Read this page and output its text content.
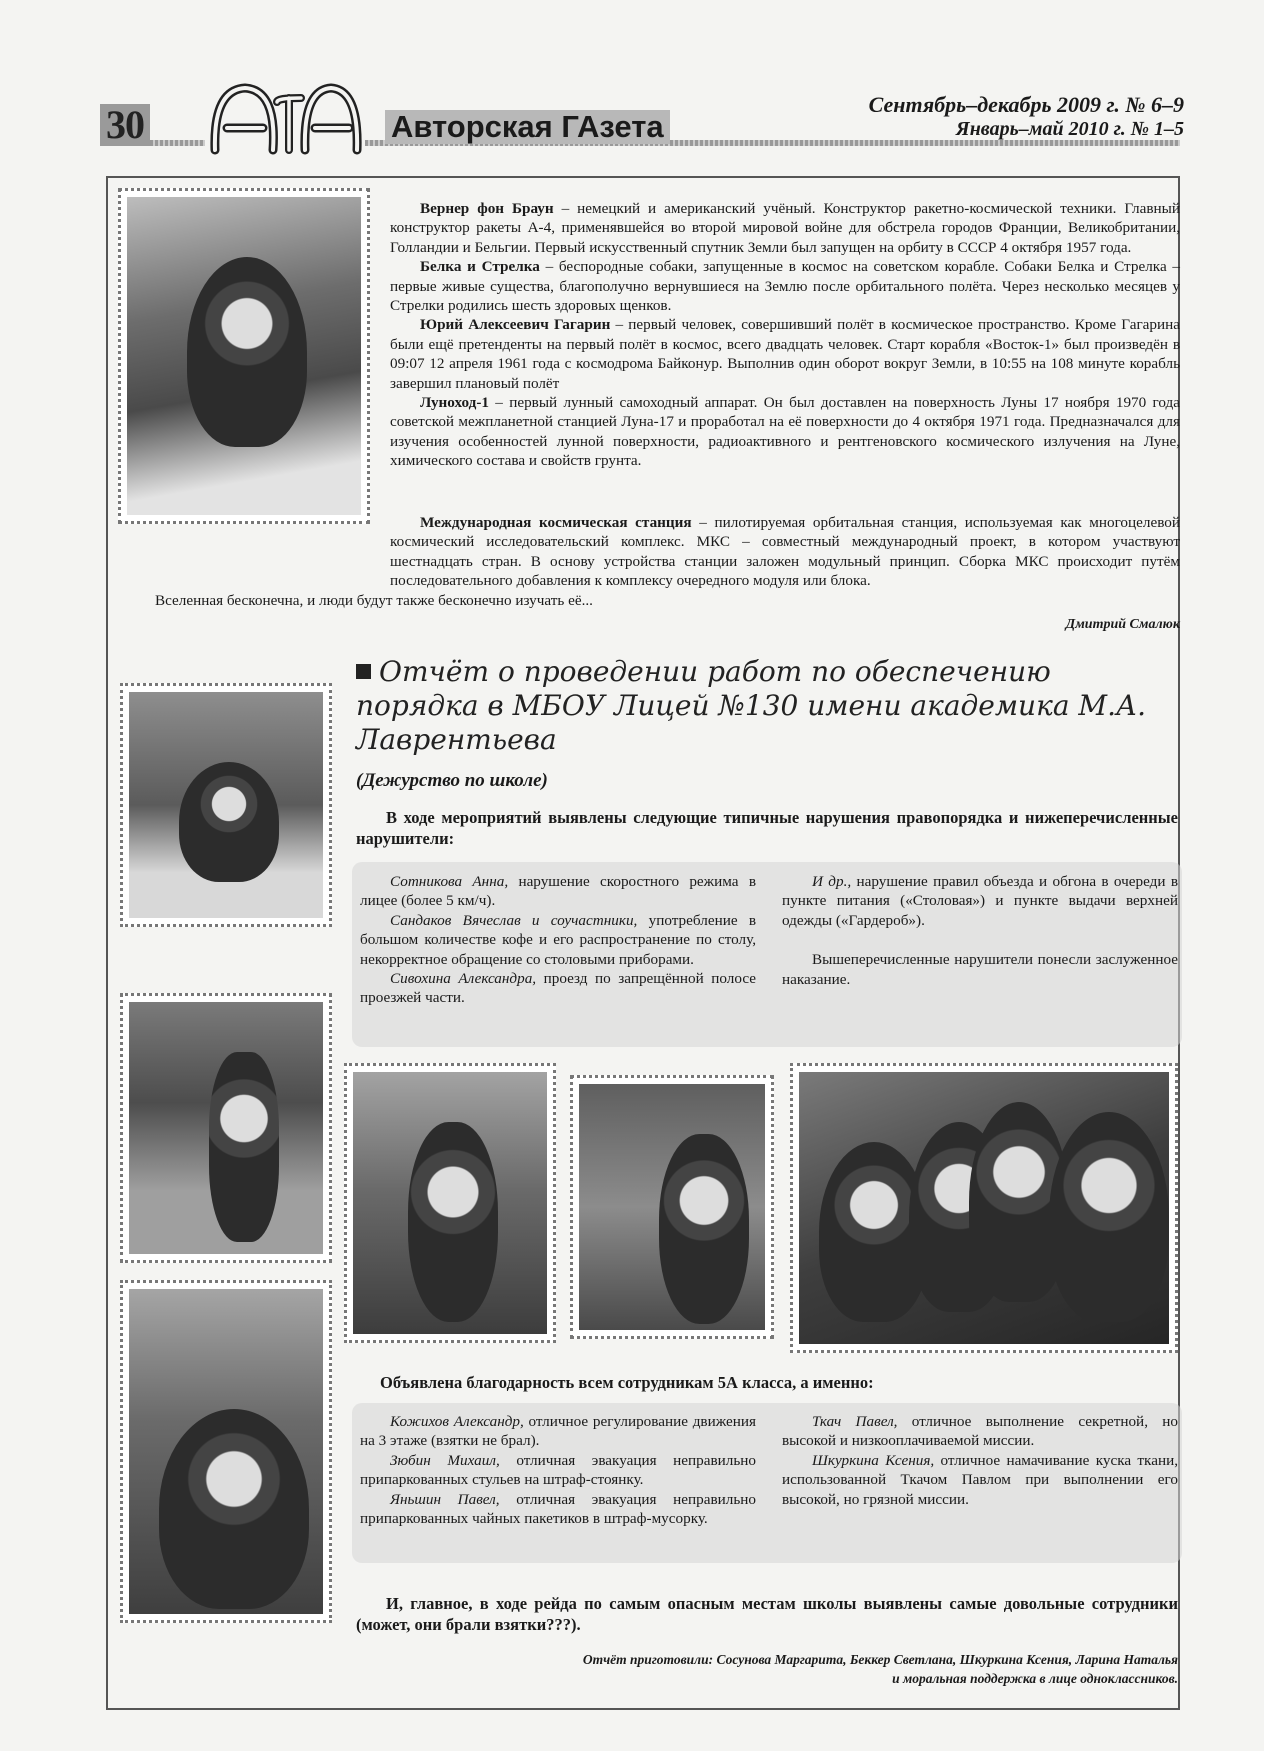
30	Авторская ГАзета
Сентябрь–декабрь 2009 г. № 6–9
Январь–май 2010 г. № 1–5

Вернер фон Браун – немецкий и американский учёный. Конструктор ракетно-космической техники. Главный конструктор ракеты А-4, применявшейся во второй мировой войне для обстрела городов Франции, Великобритании, Голландии и Бельгии. Первый искусственный спутник Земли был запущен на орбиту в СССР 4 октября 1957 года.

Белка и Стрелка – беспородные собаки, запущенные в космос на советском корабле. Собаки Белка и Стрелка – первые живые существа, благополучно вернувшиеся на Землю после орбитального полёта. Через несколько месяцев у Стрелки родились шесть здоровых щенков.

Юрий Алексеевич Гагарин – первый человек, совершивший полёт в космическое пространство. Кроме Гагарина были ещё претенденты на первый полёт в космос, всего двадцать человек. Старт корабля «Восток-1» был произведён в 09:07 12 апреля 1961 года с космодрома Байконур. Выполнив один оборот вокруг Земли, в 10:55 на 108 минуте корабль завершил плановый полёт

Луноход-1 – первый лунный самоходный аппарат. Он был доставлен на поверхность Луны 17 ноября 1970 года советской межпланетной станцией Луна-17 и проработал на её поверхности до 4 октября 1971 года. Предназначался для изучения особенностей лунной поверхности, радиоактивного и рентгеновского космического излучения на Луне, химического состава и свойств грунта.

Международная космическая станция – пилотируемая орбитальная станция, используемая как многоцелевой космический исследовательский комплекс. МКС – совместный международный проект, в котором участвуют шестнадцать стран. В основу устройства станции заложен модульный принцип. Сборка МКС происходит путём последовательного добавления к комплексу очередного модуля или блока.

Вселенная бесконечна, и люди будут также бесконечно изучать её...

Дмитрий Смалюк
Отчёт о проведении работ по обеспечению порядка в МБОУ Лицей №130 имени академика М.А. Лаврентьева
(Дежурство по школе)
В ходе мероприятий выявлены следующие типичные нарушения правопорядка и нижеперечисленные нарушители:

Сотникова Анна, нарушение скоростного режима в лицее (более 5 км/ч).

Сандаков Вячеслав и соучастники, употребление в большом количестве кофе и его распространение по столу, некорректное обращение со столовыми приборами.

Сивохина Александра, проезд по запрещённой полосе проезжей части.

И др., нарушение правил объезда и обгона в очереди в пункте питания («Столовая») и пункте выдачи верхней одежды («Гардероб»).

Вышеперечисленные нарушители понесли заслуженное наказание.

Объявлена благодарность всем сотрудникам 5А класса, а именно:

Кожихов Александр, отличное регулирование движения на 3 этаже (взятки не брал).

Зюбин Михаил, отличная эвакуация неправильно припаркованных стульев на штраф-стоянку.

Яньшин Павел, отличная эвакуация неправильно припаркованных чайных пакетиков в штраф-мусорку.

Ткач Павел, отличное выполнение секретной, но высокой и низкооплачиваемой миссии.

Шкуркина Ксения, отличное намачивание куска ткани, использованной Ткачом Павлом при выполнении его высокой, но грязной миссии.

И, главное, в ходе рейда по самым опасным местам школы выявлены самые довольные сотрудники (может, они брали взятки???).
Отчёт приготовили: Сосунова Маргарита, Беккер Светлана, Шкуркина Ксения, Ларина Наталья
и моральная поддержка в лице одноклассников.
